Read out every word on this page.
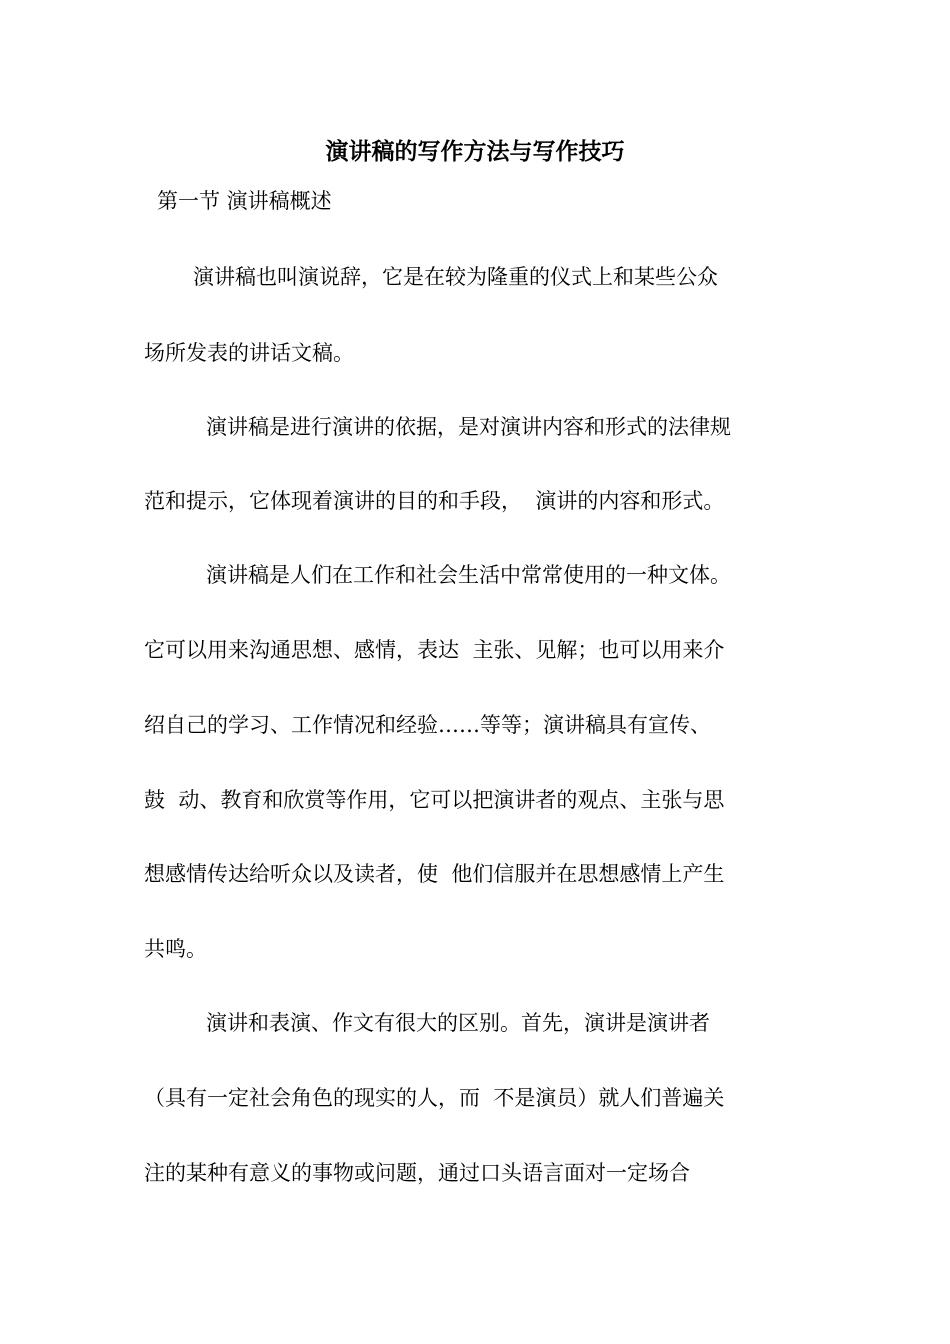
演讲稿的写作方法与写作技巧
第一节 演讲稿概述
演讲稿也叫演说辞，它是在较为隆重的仪式上和某些公众
场所发表的讲话文稿。
演讲稿是进行演讲的依据，是对演讲内容和形式的法律规
范和提示，它体现着演讲的目的和手段，  演讲的内容和形式。
演讲稿是人们在工作和社会生活中常常使用的一种文体。
它可以用来沟通思想、感情，表达  主张、见解；也可以用来介
绍自己的学习、工作情况和经验……等等；演讲稿具有宣传、
鼓  动、教育和欣赏等作用，它可以把演讲者的观点、主张与思
想感情传达给听众以及读者，使  他们信服并在思想感情上产生
共鸣。
演讲和表演、作文有很大的区别。首先，演讲是演讲者
（具有一定社会角色的现实的人，而  不是演员）就人们普遍关
注的某种有意义的事物或问题，通过口头语言面对一定场合
